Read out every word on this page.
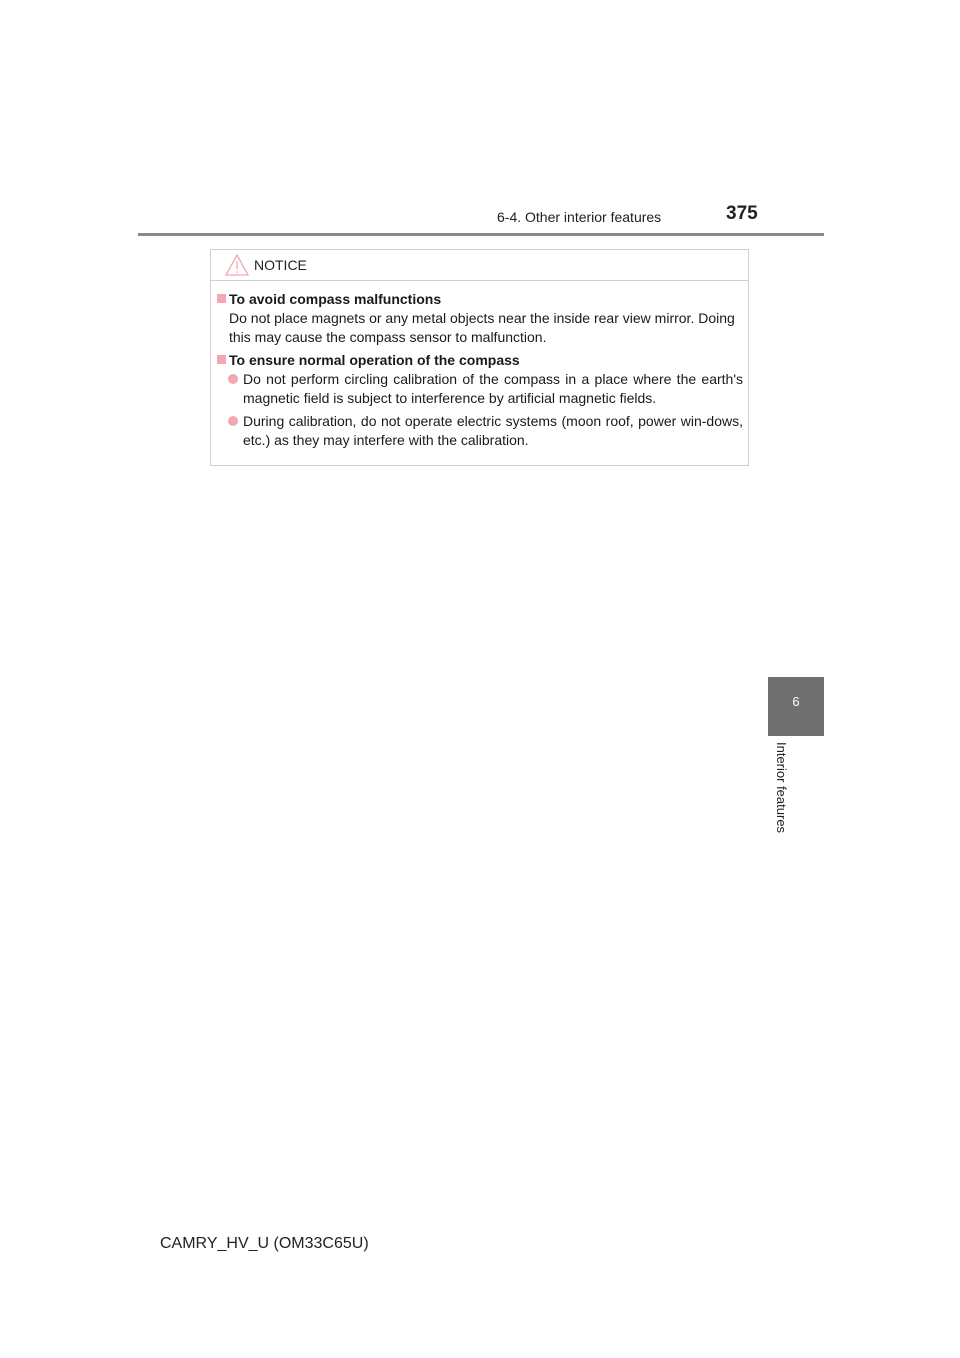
6-4. Other interior features	375
6
Interior features
NOTICE
To avoid compass malfunctions
Do not place magnets or any metal objects near the inside rear view mirror. Doing this may cause the compass sensor to malfunction.
To ensure normal operation of the compass
Do not perform circling calibration of the compass in a place where the earth's magnetic field is subject to interference by artificial magnetic fields.
During calibration, do not operate electric systems (moon roof, power win-dows, etc.) as they may interfere with the calibration.
CAMRY_HV_U (OM33C65U)
